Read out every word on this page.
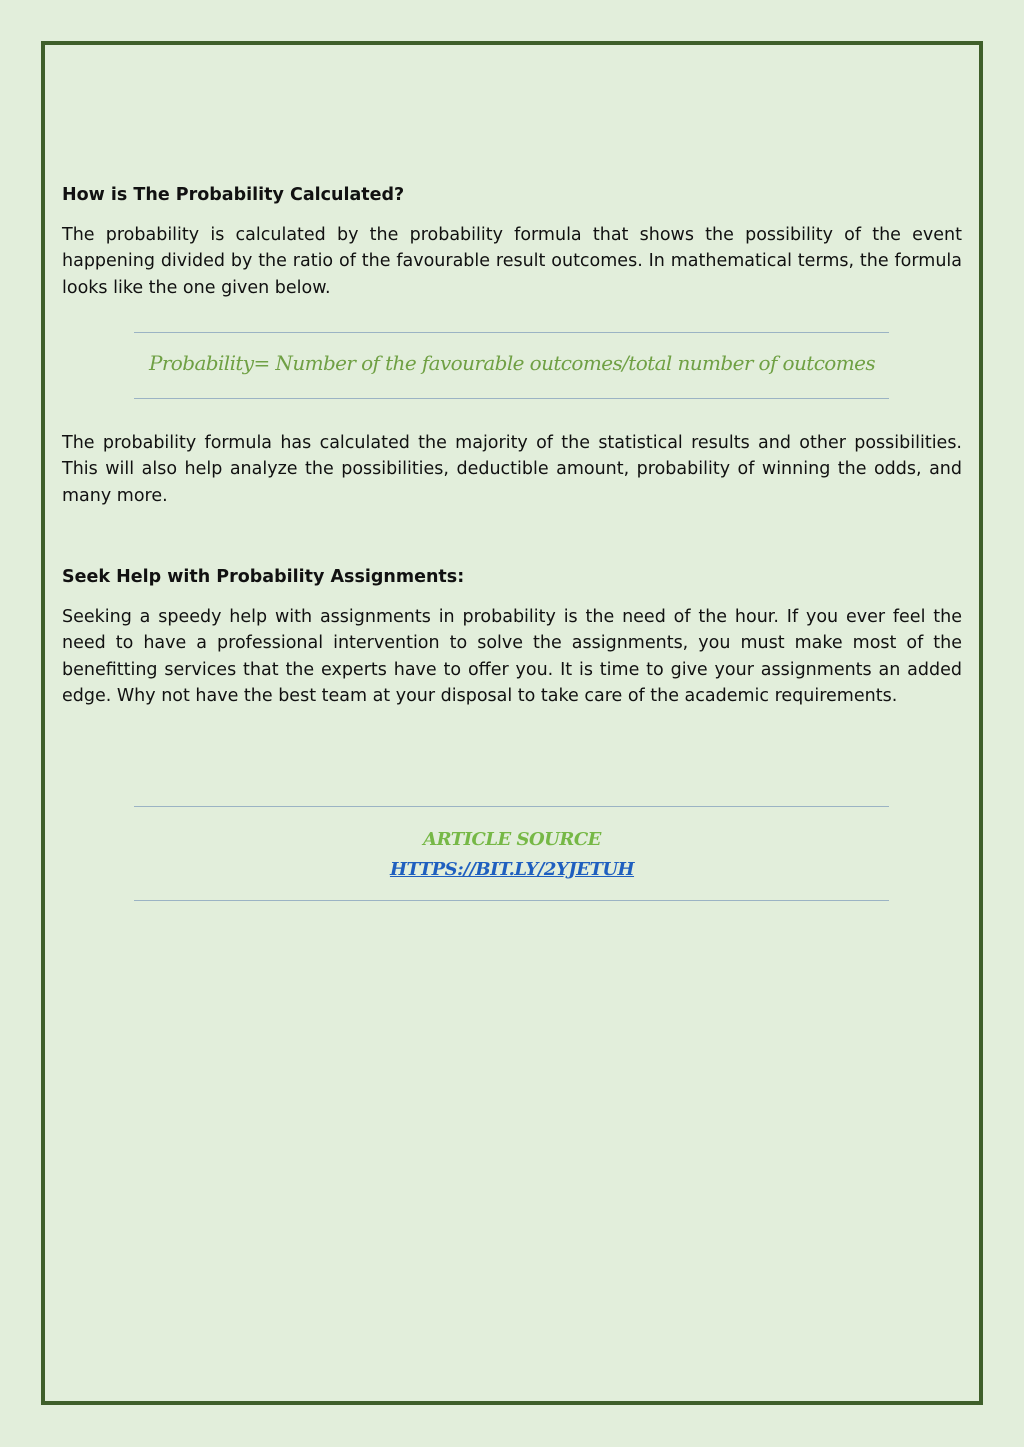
How is The Probability Calculated?

The probability is calculated by the probability formula that shows the possibility of the event happening divided by the ratio of the favourable result outcomes. In mathematical terms, the formula looks like the one given below.

Probability= Number of the favourable outcomes/total number of outcomes

The probability formula has calculated the majority of the statistical results and other possibilities. This will also help analyze the possibilities, deductible amount, probability of winning the odds, and many more.

Seek Help with Probability Assignments:

Seeking a speedy help with assignments in probability is the need of the hour. If you ever feel the need to have a professional intervention to solve the assignments, you must make most of the benefitting services that the experts have to offer you. It is time to give your assignments an added edge. Why not have the best team at your disposal to take care of the academic requirements.

ARTICLE SOURCE
HTTPS://BIT.LY/2YJETUH
